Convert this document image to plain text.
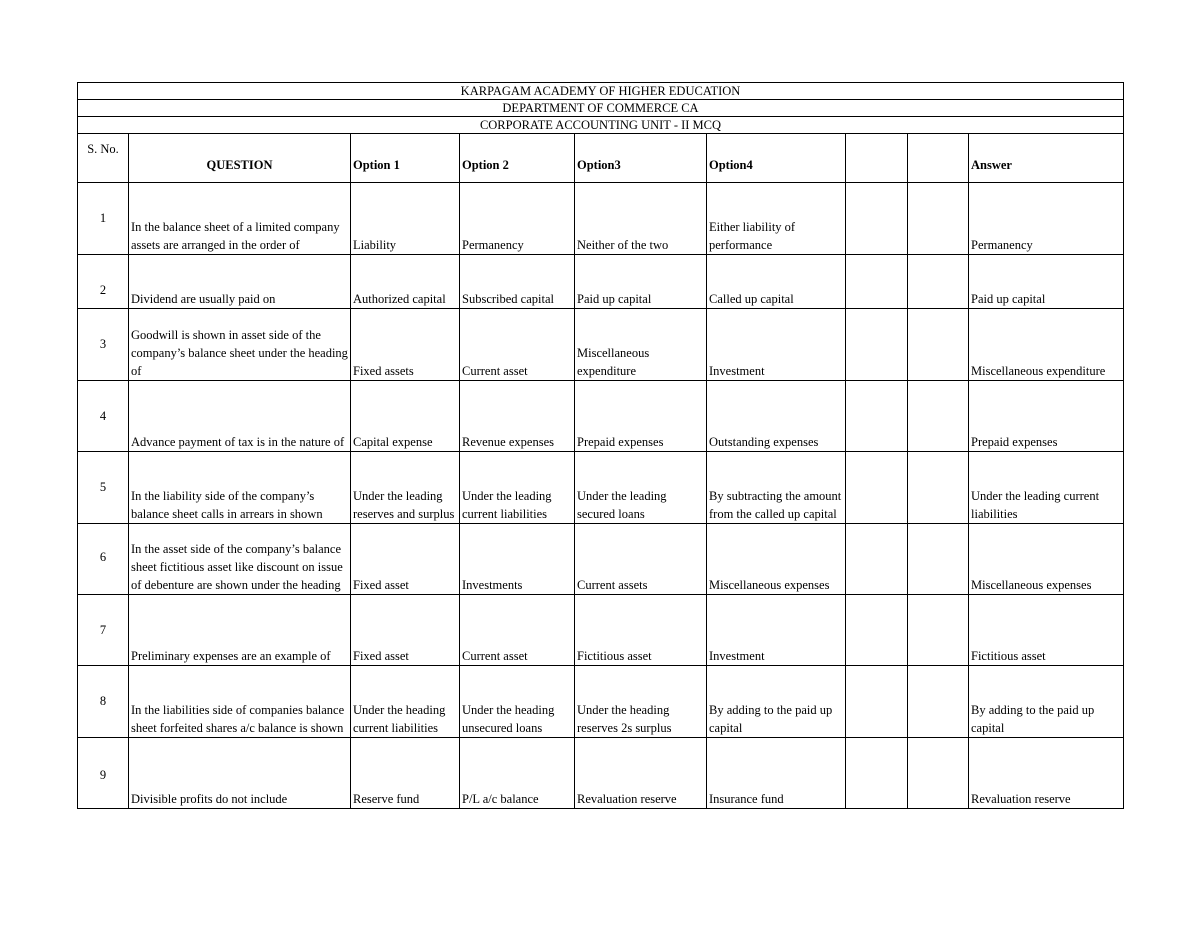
KARPAGAM ACADEMY OF HIGHER EDUCATION								
DEPARTMENT OF COMMERCE CA								
CORPORATE ACCOUNTING UNIT - II MCQ								
S. No.	QUESTION	Option 1	Option 2	Option3	Option4			Answer
1	In the balance sheet of a limited company assets are arranged in the order of	Liability	Permanency	Neither of the two	Either liability of performance			Permanency
2	Dividend are usually paid on	Authorized capital	Subscribed capital	Paid up capital	Called up capital			Paid up capital
3	Goodwill is shown in asset side of the company’s balance sheet under the heading of	Fixed assets	Current asset	Miscellaneous expenditure	Investment			Miscellaneous expenditure
4	Advance payment of tax is in the nature of	Capital expense	Revenue expenses	Prepaid expenses	Outstanding expenses			Prepaid expenses
5	In the liability side of the company’s balance sheet calls in arrears in shown	Under the leading reserves and surplus	Under the leading current liabilities	Under the leading secured loans	By subtracting the amount from the called up capital			Under the leading current liabilities
6	In the asset side of the company’s balance sheet fictitious asset like discount on issue of debenture are shown under the heading	Fixed asset	Investments	Current assets	Miscellaneous expenses			Miscellaneous expenses
7	Preliminary expenses are an example of	Fixed asset	Current asset	Fictitious asset	Investment			Fictitious asset
8	In the liabilities side of companies balance sheet forfeited shares a/c balance is shown	Under the heading current liabilities	Under the heading unsecured loans	Under the heading reserves 2s surplus	By adding to the paid up capital			By adding to the paid up capital
9	Divisible profits do not include	Reserve fund	P/L a/c balance	Revaluation reserve	Insurance fund			Revaluation reserve
